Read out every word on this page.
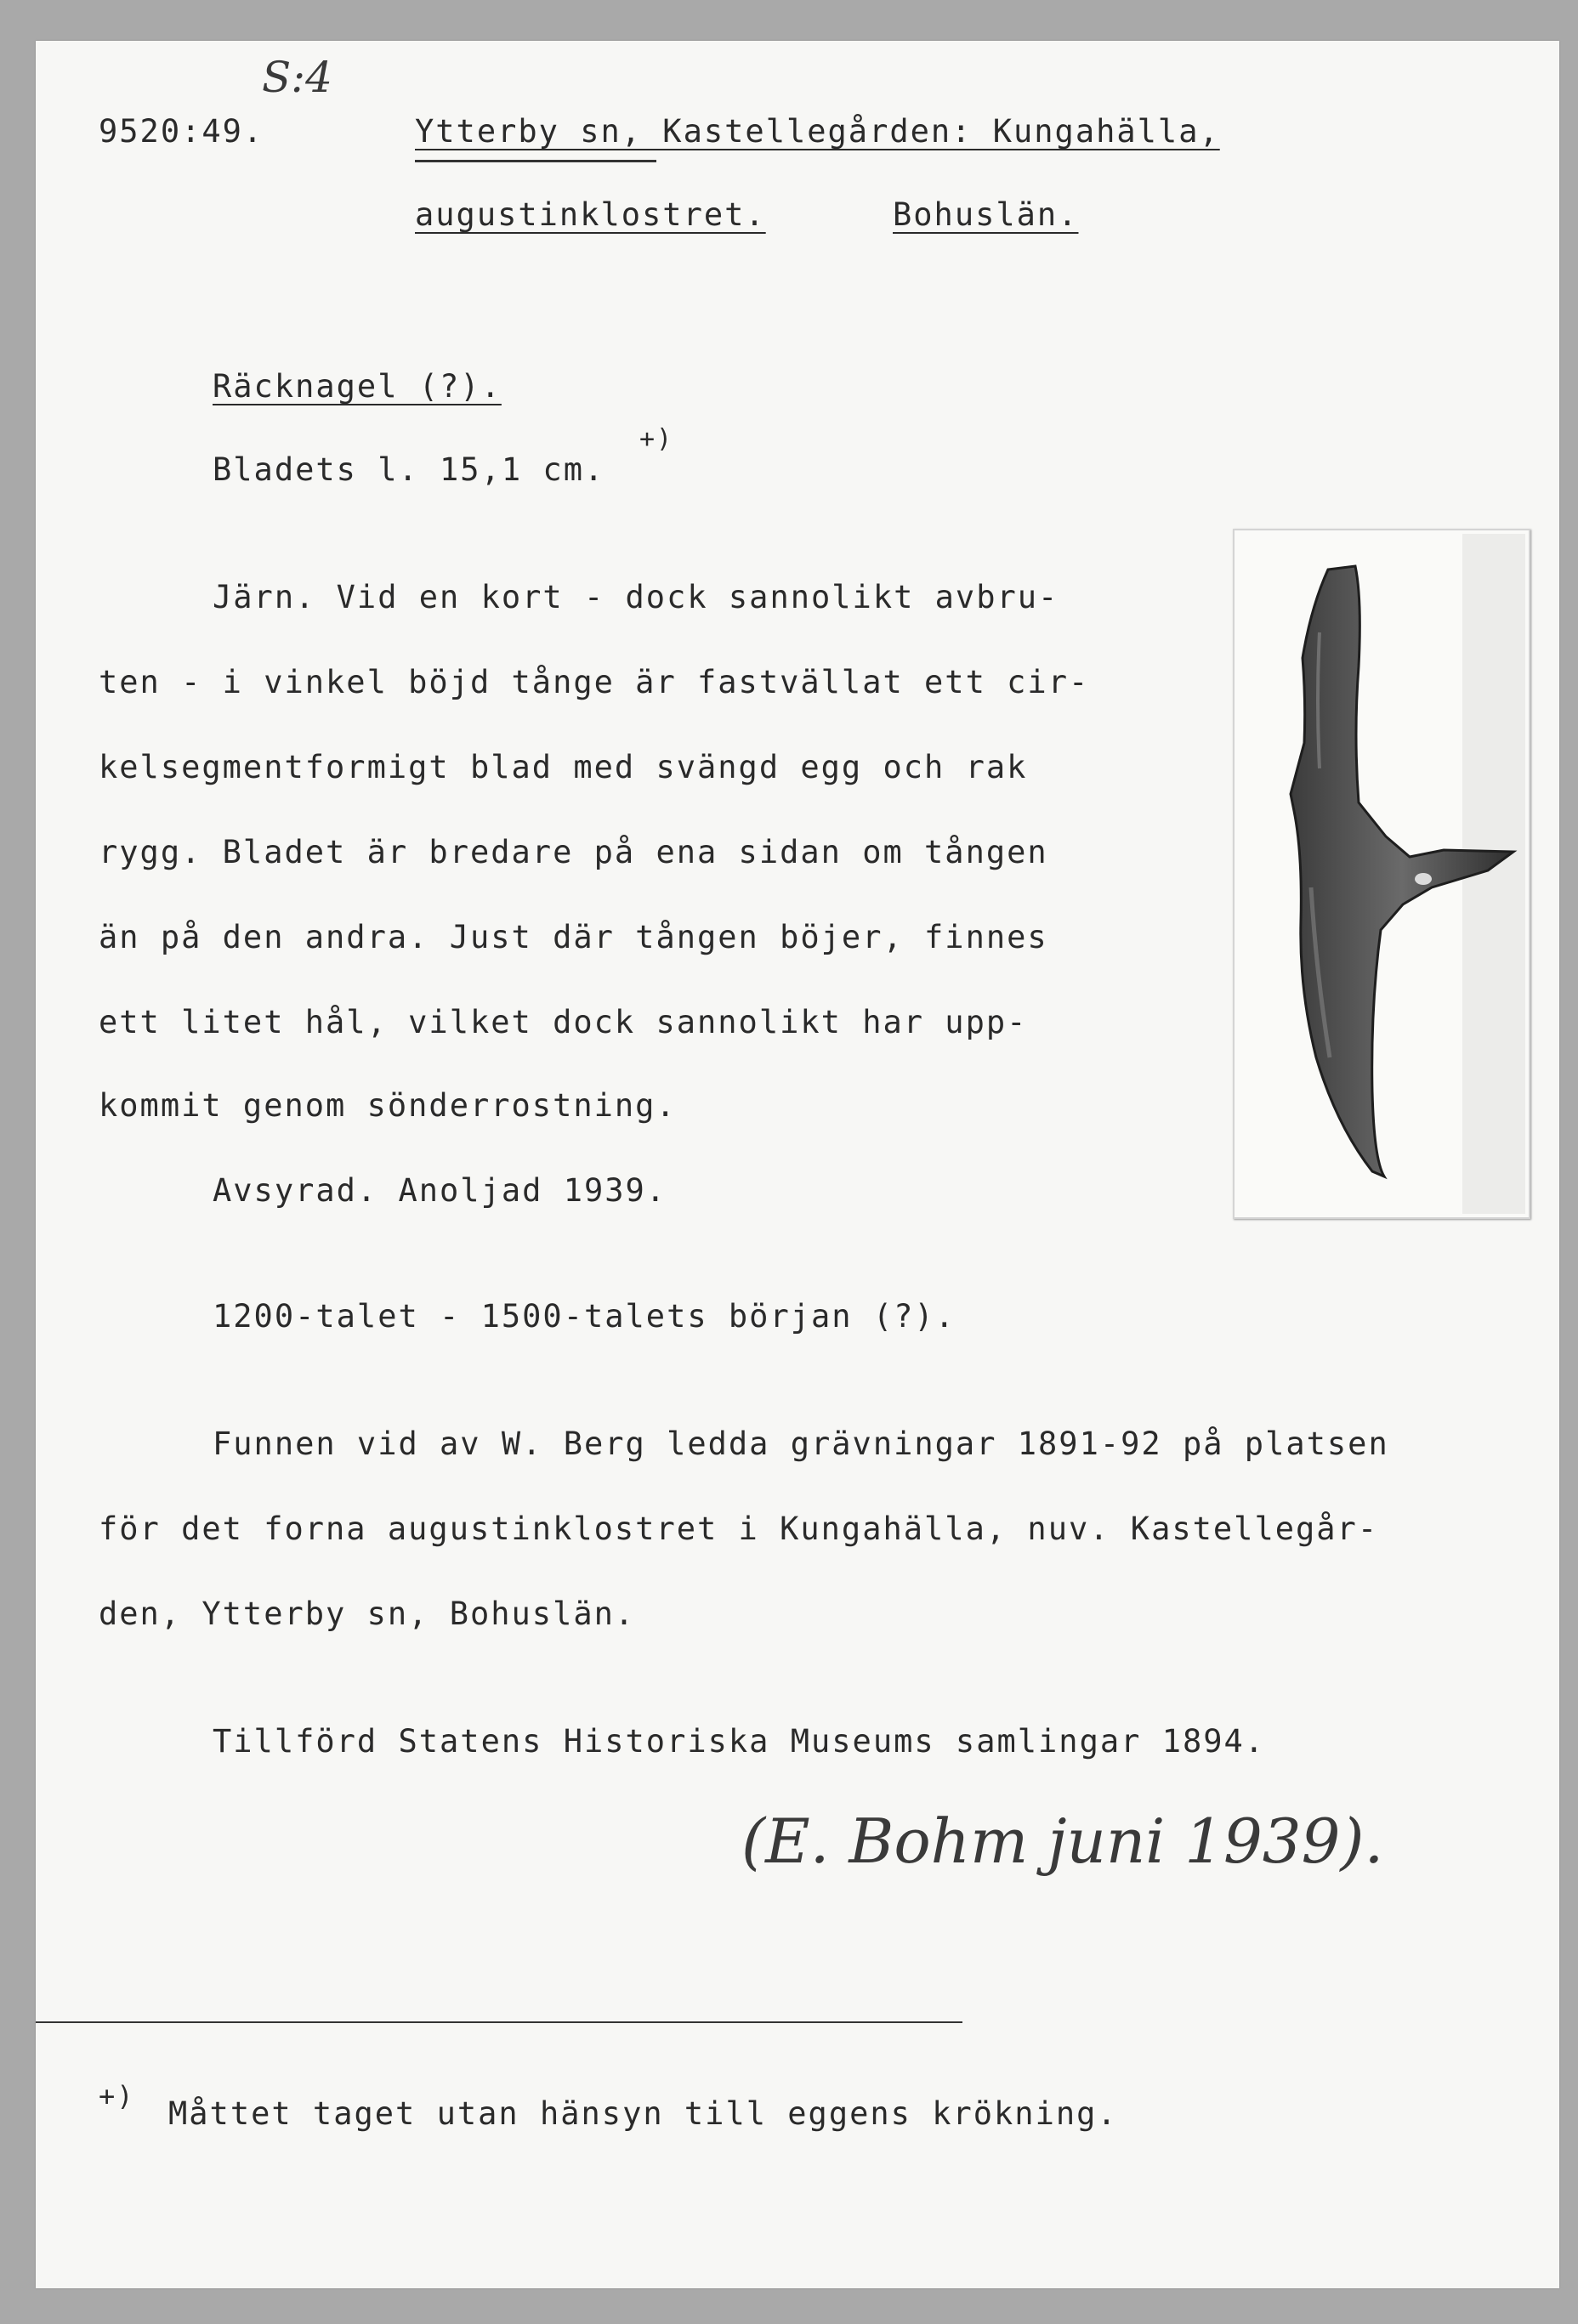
S:4
9520:49.	Ytterby sn, Kastellegården: Kungahälla,
augustinklostret.	Bohuslän.
Räcknagel (?).
Bladets l. 15,1 cm.
+)
Järn. Vid en kort - dock sannolikt avbru-
ten - i vinkel böjd tånge är fastvällat ett cir-
kelsegmentformigt blad med svängd egg och rak
rygg. Bladet är bredare på ena sidan om tången
än på den andra. Just där tången böjer, finnes
ett litet hål, vilket dock sannolikt har upp-
kommit genom sönderrostning.
Avsyrad. Anoljad 1939.
1200-talet - 1500-talets början (?).
Funnen vid av W. Berg ledda grävningar 1891-92 på platsen
för det forna augustinklostret i Kungahälla, nuv. Kastellegår-
den, Ytterby sn, Bohuslän.
Tillförd Statens Historiska Museums samlingar 1894.
(E. Bohm juni 1939).
+) Måttet taget utan hänsyn till eggens krökning.
